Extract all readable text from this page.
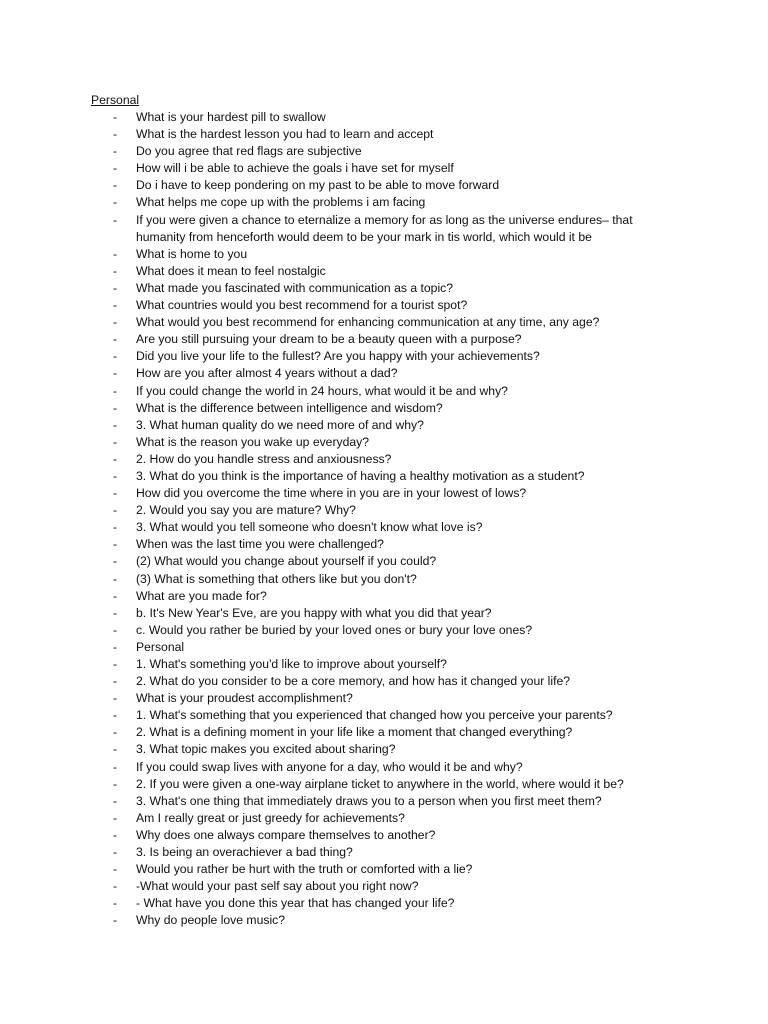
Personal
- What is your hardest pill to swallow
- What is the hardest lesson you had to learn and accept
- Do you agree that red flags are subjective
- How will i be able to achieve the goals i have set for myself
- Do i have to keep pondering on my past to be able to move forward
- What helps me cope up with the problems i am facing
- If you were given a chance to eternalize a memory for as long as the universe endures– that humanity from henceforth would deem to be your mark in tis world, which would it be
- What is home to you
- What does it mean to feel nostalgic
- What made you fascinated with communication as a topic?
- What countries would you best recommend for a tourist spot?
- What would you best recommend for enhancing communication at any time, any age?
- Are you still pursuing your dream to be a beauty queen with a purpose?
- Did you live your life to the fullest? Are you happy with your achievements?
- How are you after almost 4 years without a dad?
- If you could change the world in 24 hours, what would it be and why?
- What is the difference between intelligence and wisdom?
- 3. What human quality do we need more of and why?
- What is the reason you wake up everyday?
- 2. How do you handle stress and anxiousness?
- 3. What do you think is the importance of having a healthy motivation as a student?
- How did you overcome the time where in you are in your lowest of lows?
- 2. Would you say you are mature? Why?
- 3. What would you tell someone who doesn't know what love is?
- When was the last time you were challenged?
- (2) What would you change about yourself if you could?
- (3) What is something that others like but you don't?
- What are you made for?
- b. It's New Year's Eve, are you happy with what you did that year?
- c. Would you rather be buried by your loved ones or bury your love ones?
- Personal
- 1. What's something you'd like to improve about yourself?
- 2. What do you consider to be a core memory, and how has it changed your life?
- What is your proudest accomplishment?
- 1. What's something that you experienced that changed how you perceive your parents?
- 2. What is a defining moment in your life like a moment that changed everything?
- 3. What topic makes you excited about sharing?
- If you could swap lives with anyone for a day, who would it be and why?
- 2. If you were given a one-way airplane ticket to anywhere in the world, where would it be?
- 3. What's one thing that immediately draws you to a person when you first meet them?
- Am I really great or just greedy for achievements?
- Why does one always compare themselves to another?
- 3. Is being an overachiever a bad thing?
- Would you rather be hurt with the truth or comforted with a lie?
- -What would your past self say about you right now?
- - What have you done this year that has changed your life?
- Why do people love music?
